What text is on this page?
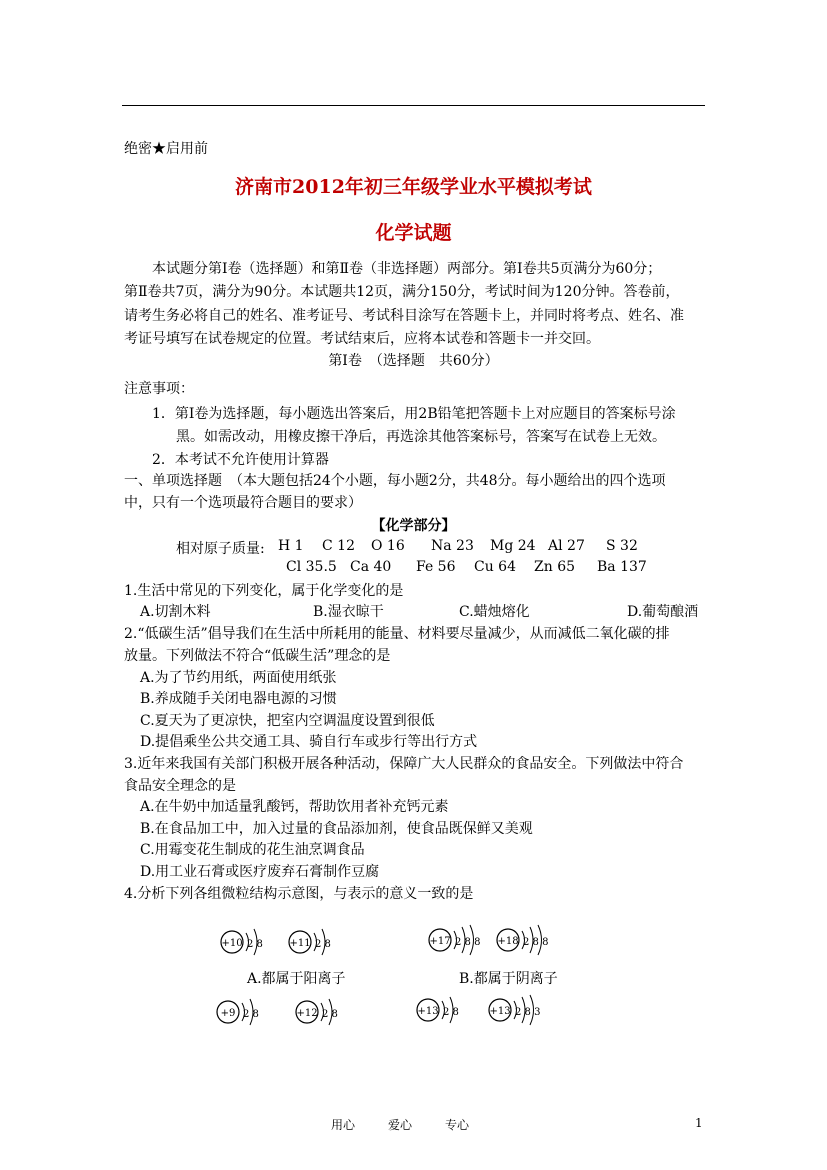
绝密★启用前
济南市2012年初三年级学业水平模拟考试
化学试题
本试题分第Ⅰ卷（选择题）和第Ⅱ卷（非选择题）两部分。第Ⅰ卷共5页满分为60分；
第Ⅱ卷共7页，满分为90分。本试题共12页，满分150分，考试时间为120分钟。答卷前，
请考生务必将自己的姓名、准考证号、考试科目涂写在答题卡上，并同时将考点、姓名、准
考证号填写在试卷规定的位置。考试结束后，应将本试卷和答题卡一并交回。
第Ⅰ卷　（选择题　共60分）
注意事项：
1．第Ⅰ卷为选择题，每小题选出答案后，用2B铅笔把答题卡上对应题目的答案标号涂
黑。如需改动，用橡皮擦干净后，再选涂其他答案标号，答案写在试卷上无效。
2．本考试不允许使用计算器
一、单项选择题　（本大题包括24个小题，每小题2分，共48分。每小题给出的四个选项
中，只有一个选项最符合题目的要求）
【化学部分】
相对原子质量: H 1 C 12 O 16 Na 23 Mg 24 Al 27 S 32
Cl 35.5 Ca 40 Fe 56 Cu 64 Zn 65 Ba 137
1.生活中常见的下列变化，属于化学变化的是
A.切割木料	B.湿衣晾干	C.蜡烛熔化	D.葡萄酿酒
2.“低碳生活”倡导我们在生活中所耗用的能量、材料要尽量减少，从而减低二氧化碳的排
放量。下列做法不符合“低碳生活”理念的是
A.为了节约用纸，两面使用纸张
B.养成随手关闭电器电源的习惯
C.夏天为了更凉快，把室内空调温度设置到很低
D.提倡乘坐公共交通工具、骑自行车或步行等出行方式
3.近年来我国有关部门积极开展各种活动，保障广大人民群众的食品安全。下列做法中符合
食品安全理念的是
A.在牛奶中加适量乳酸钙，帮助饮用者补充钙元素
B.在食品加工中，加入过量的食品添加剂，使食品既保鲜又美观
C.用霉变花生制成的花生油烹调食品
D.用工业石膏或医疗废弃石膏制作豆腐
4.分析下列各组微粒结构示意图，与表示的意义一致的是
+10 2 8	+11 2 8	+17 2 8 8 +18 2 8 8
A.都属于阳离子	B.都属于阴离子
+9 2 8	+12 2 8	+13 2 8	+13 2 8 3
用心	爱心	专心	1
